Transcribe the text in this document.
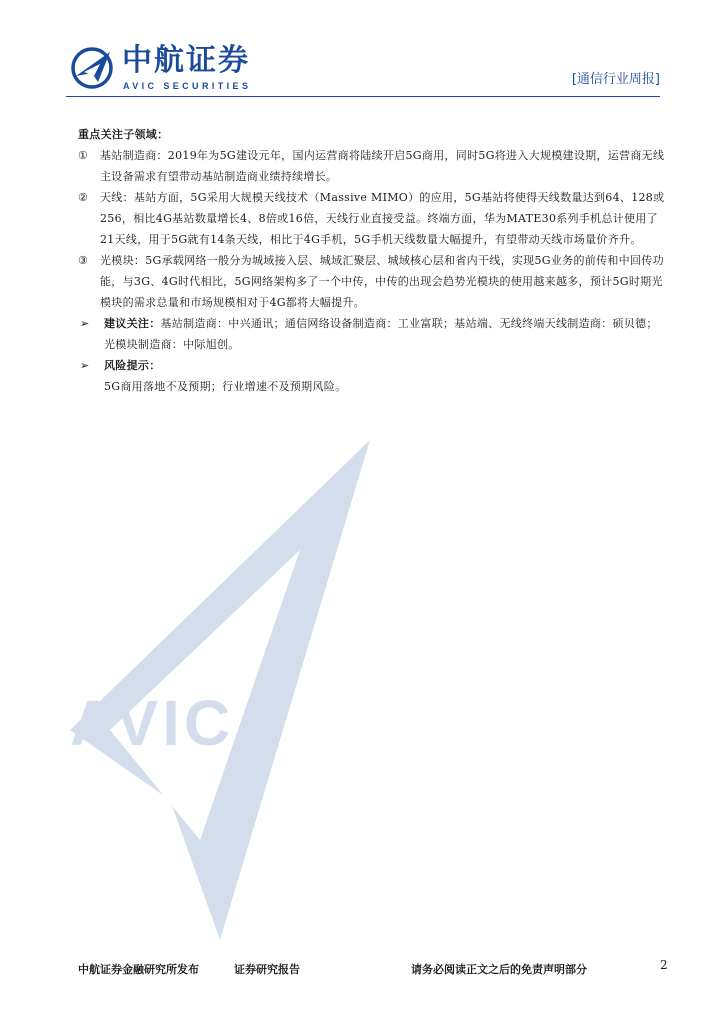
中航证券
AVIC SECURITIES	[通信行业周报]
AVIC

重点关注子领域：

①	基站制造商：2019年为5G建设元年，国内运营商将陆续开启5G商用，同时5G将进入大规模建设期，运营商无线主设备需求有望带动基站制造商业绩持续增长。

②	天线：基站方面，5G采用大规模天线技术（Massive MIMO）的应用，5G基站将使得天线数量达到64、128或256，相比4G基站数量增长4、8倍或16倍，天线行业直接受益。终端方面，华为MATE30系列手机总计使用了21天线，用于5G就有14条天线，相比于4G手机，5G手机天线数量大幅提升，有望带动天线市场量价齐升。

③	光模块：5G承载网络一般分为城域接入层、城域汇聚层、城域核心层和省内干线，实现5G业务的前传和中回传功能，与3G、4G时代相比，5G网络架构多了一个中传，中传的出现会趋势光模块的使用越来越多，预计5G时期光模块的需求总量和市场规模相对于4G都将大幅提升。

➢	建议关注：基站制造商：中兴通讯；通信网络设备制造商：工业富联；基站端、无线终端天线制造商：硕贝德；光模块制造商：中际旭创。

➢	风险提示：

5G商用落地不及预期；行业增速不及预期风险。

中航证券金融研究所发布	证券研究报告	请务必阅读正文之后的免责声明部分	2
